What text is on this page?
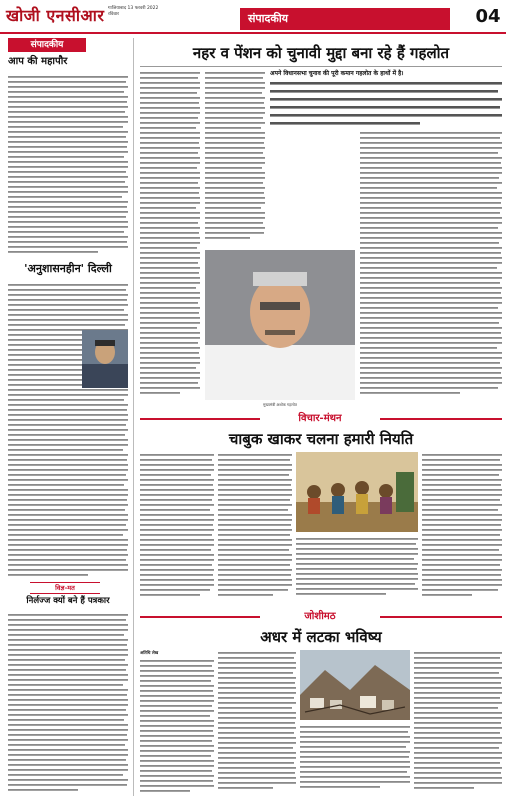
खोजी एनसीआर गाजियाबाद 13 फरवरी 2022
रविवार	संपादकीय	04
संपादकीय
आप की महापौर
'अनुशासनहीन' दिल्ली
विज्ञ-मत
निर्लज्ज क्यों बने हैं पत्रकार
नहर व पेंशन को चुनावी मुद्दा बना रहे हैं गहलोत
अपने विधानसभा चुनाव की पूरी कमान गहलोत के हाथों में है।
मुख्यमंत्री अशोक गहलोत
विचार-मंथन
चाबुक खाकर चलना हमारी नियति
जोशीमठ
अधर में लटका भविष्य
अतिथि लेख
